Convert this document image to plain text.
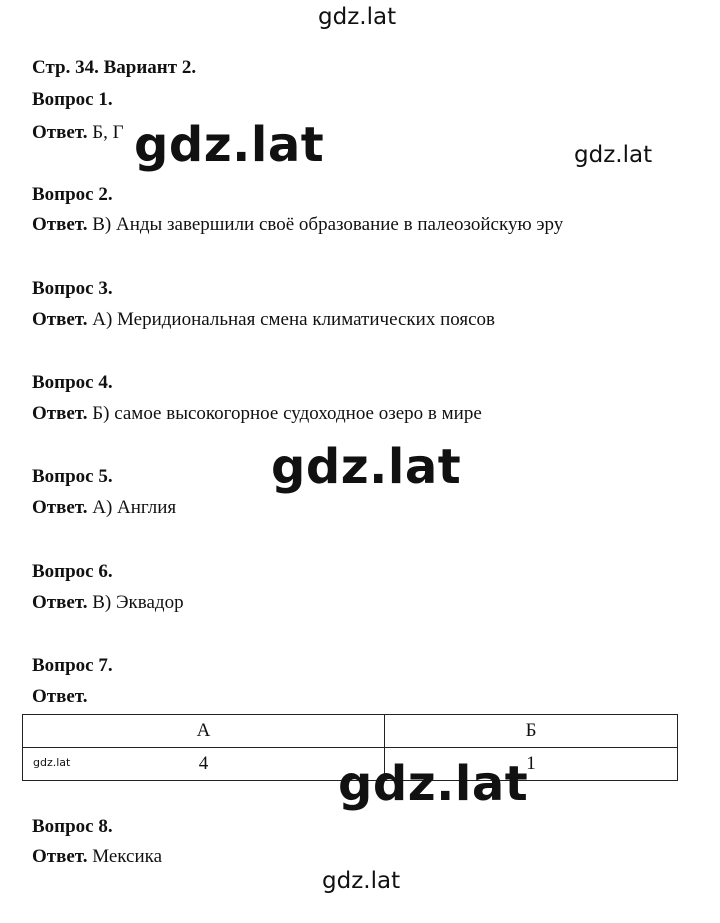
gdz.lat
gdz.lat
gdz.lat
Стр. 34. Вариант 2.
Вопрос 1.
Ответ. Б, Г
Вопрос 2.
Ответ. В) Анды завершили своё образование в палеозойскую эру
Вопрос 3.
Ответ. А) Меридиональная смена климатических поясов
Вопрос 4.
Ответ. Б) самое высокогорное судоходное озеро в мире
Вопрос 5.
Ответ. А) Англия
Вопрос 6.
Ответ. В) Эквадор
Вопрос 7.
Ответ.
А	Б
4	1
Вопрос 8.
Ответ. Мексика
gdz.lat
gdz.lat
gdz.lat	gdz.lat
